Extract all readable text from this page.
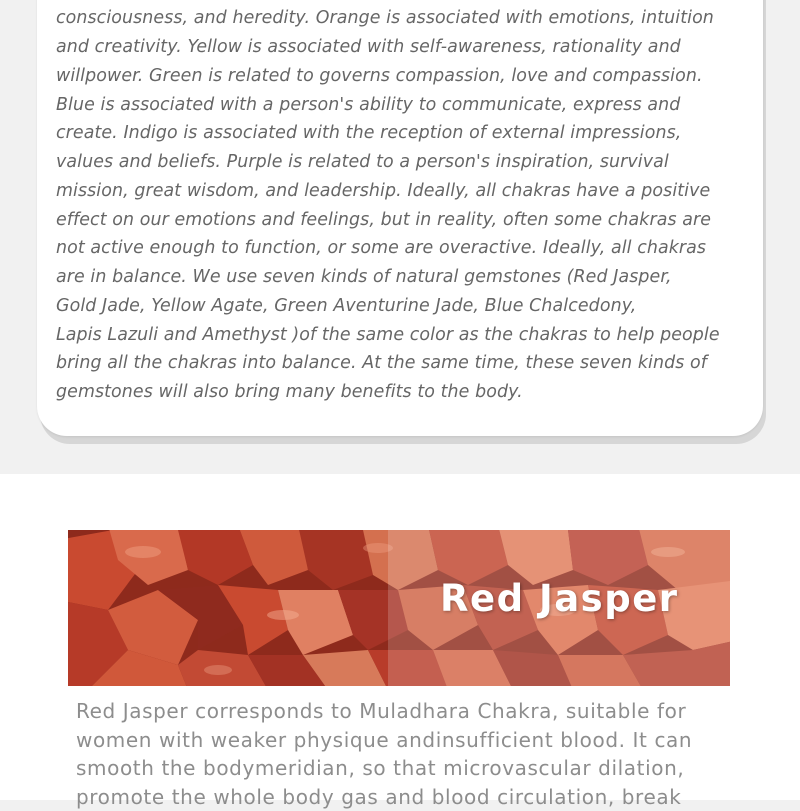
consciousness, and heredity. Orange is associated with emotions, intuition
and creativity. Yellow is associated with self-awareness, rationality and
willpower. Green is related to governs compassion, love and compassion.
Blue is associated with a person's ability to communicate, express and
create. Indigo is associated with the reception of external impressions,
values and beliefs. Purple is related to a person's inspiration, survival
mission, great wisdom, and leadership. Ideally, all chakras have a positive
effect on our emotions and feelings, but in reality, often some chakras are
not active enough to function, or some are overactive. Ideally, all chakras
are in balance. We use seven kinds of natural gemstones (Red Jasper,
Gold Jade, Yellow Agate, Green Aventurine Jade, Blue Chalcedony,
Lapis Lazuli and Amethyst )of the same color as the chakras to help people
bring all the chakras into balance. At the same time, these seven kinds of
gemstones will also bring many benefits to the body.
Red Jasper
Red Jasper corresponds to Muladhara Chakra, suitable for
women with weaker physique andinsufficient blood. It can
smooth the bodymeridian, so that microvascular dilation,
promote the whole body gas and blood circulation, break
